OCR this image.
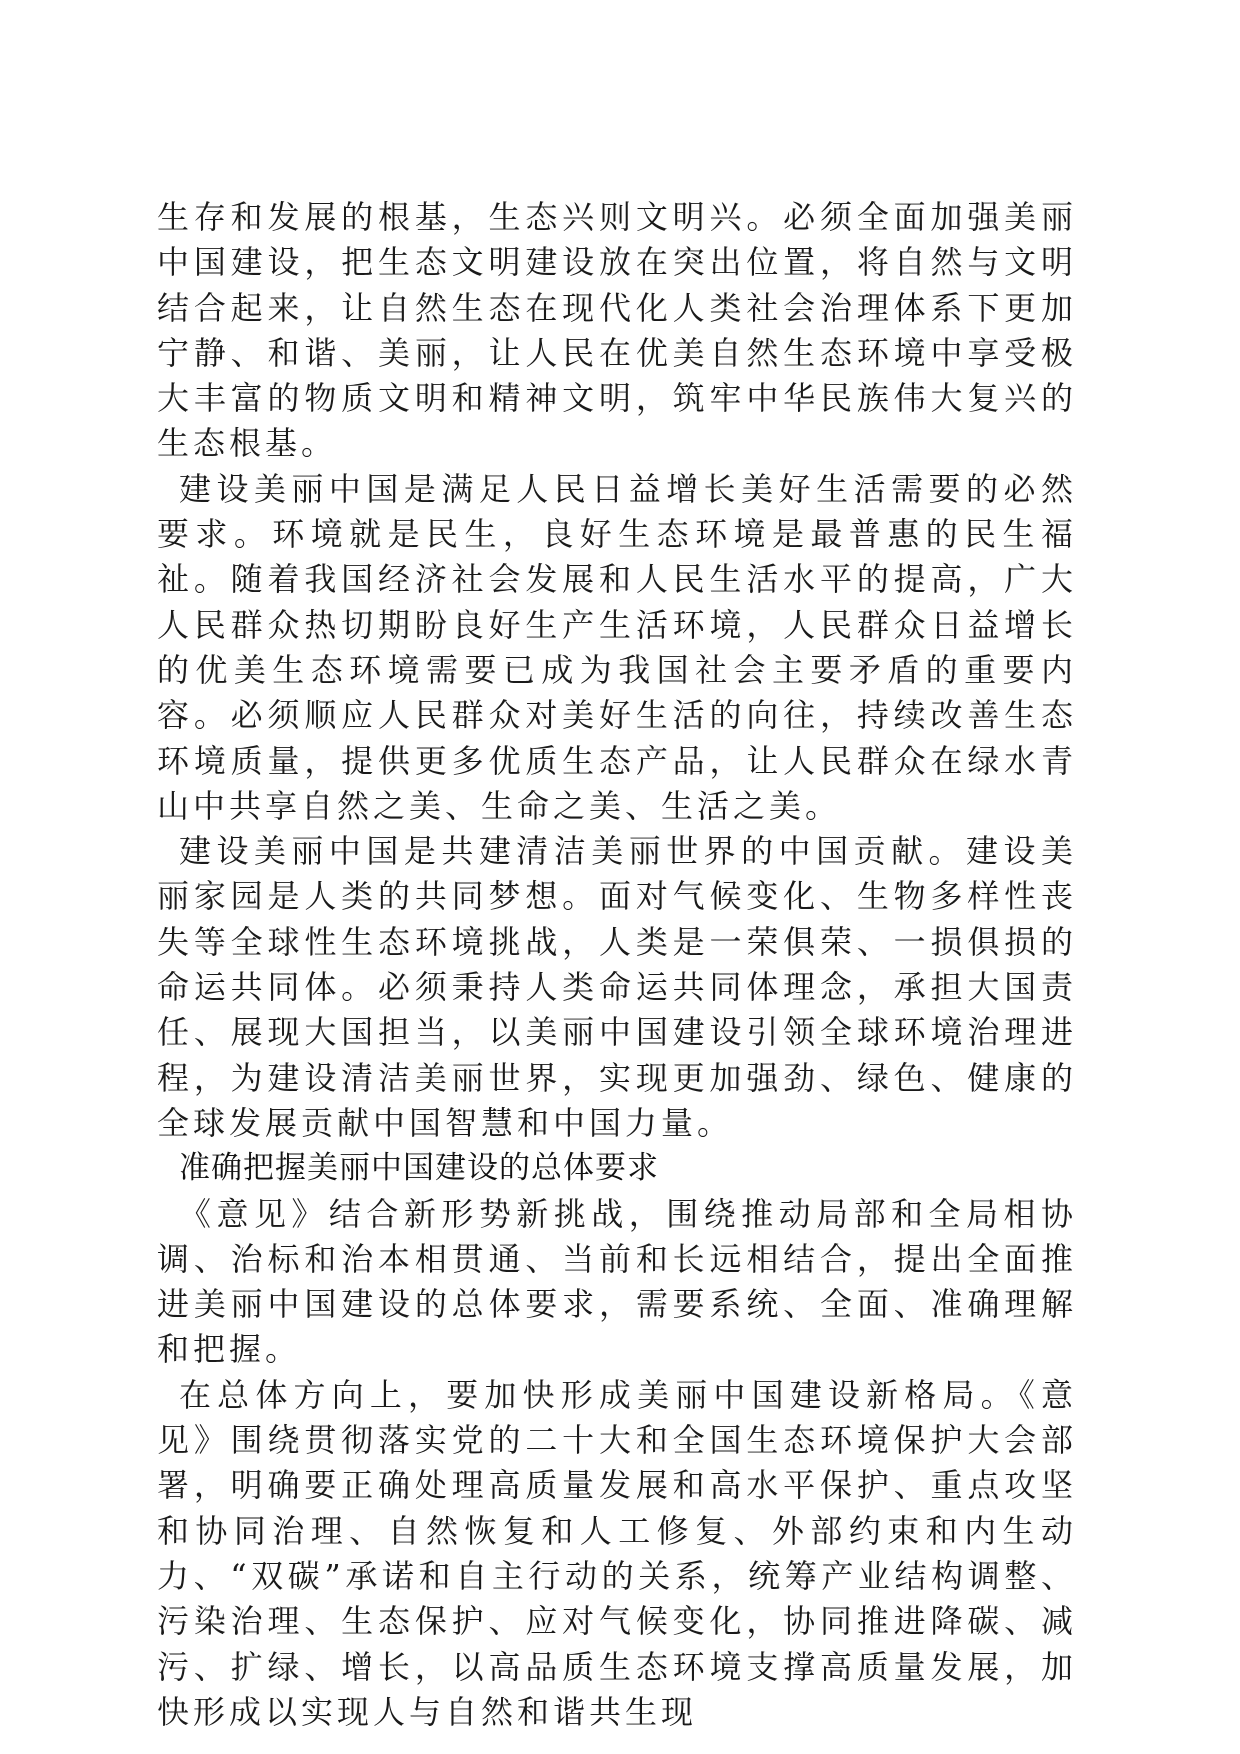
生存和发展的根基，生态兴则文明兴。必须全面加强美丽中国建设，把生态文明建设放在突出位置，将自然与文明结合起来，让自然生态在现代化人类社会治理体系下更加宁静、和谐、美丽，让人民在优美自然生态环境中享受极大丰富的物质文明和精神文明，筑牢中华民族伟大复兴的生态根基。

建设美丽中国是满足人民日益增长美好生活需要的必然要求。环境就是民生，良好生态环境是最普惠的民生福祉。随着我国经济社会发展和人民生活水平的提高，广大人民群众热切期盼良好生产生活环境，人民群众日益增长的优美生态环境需要已成为我国社会主要矛盾的重要内容。必须顺应人民群众对美好生活的向往，持续改善生态环境质量，提供更多优质生态产品，让人民群众在绿水青山中共享自然之美、生命之美、生活之美。

建设美丽中国是共建清洁美丽世界的中国贡献。建设美丽家园是人类的共同梦想。面对气候变化、生物多样性丧失等全球性生态环境挑战，人类是一荣俱荣、一损俱损的命运共同体。必须秉持人类命运共同体理念，承担大国责任、展现大国担当，以美丽中国建设引领全球环境治理进程，为建设清洁美丽世界，实现更加强劲、绿色、健康的全球发展贡献中国智慧和中国力量。

准确把握美丽中国建设的总体要求

《意见》结合新形势新挑战，围绕推动局部和全局相协调、治标和治本相贯通、当前和长远相结合，提出全面推进美丽中国建设的总体要求，需要系统、全面、准确理解和把握。

在总体方向上，要加快形成美丽中国建设新格局。《意见》围绕贯彻落实党的二十大和全国生态环境保护大会部署，明确要正确处理高质量发展和高水平保护、重点攻坚和协同治理、自然恢复和人工修复、外部约束和内生动力、“双碳”承诺和自主行动的关系，统筹产业结构调整、污染治理、生态保护、应对气候变化，协同推进降碳、减污、扩绿、增长，以高品质生态环境支撑高质量发展，加快形成以实现人与自然和谐共生现
